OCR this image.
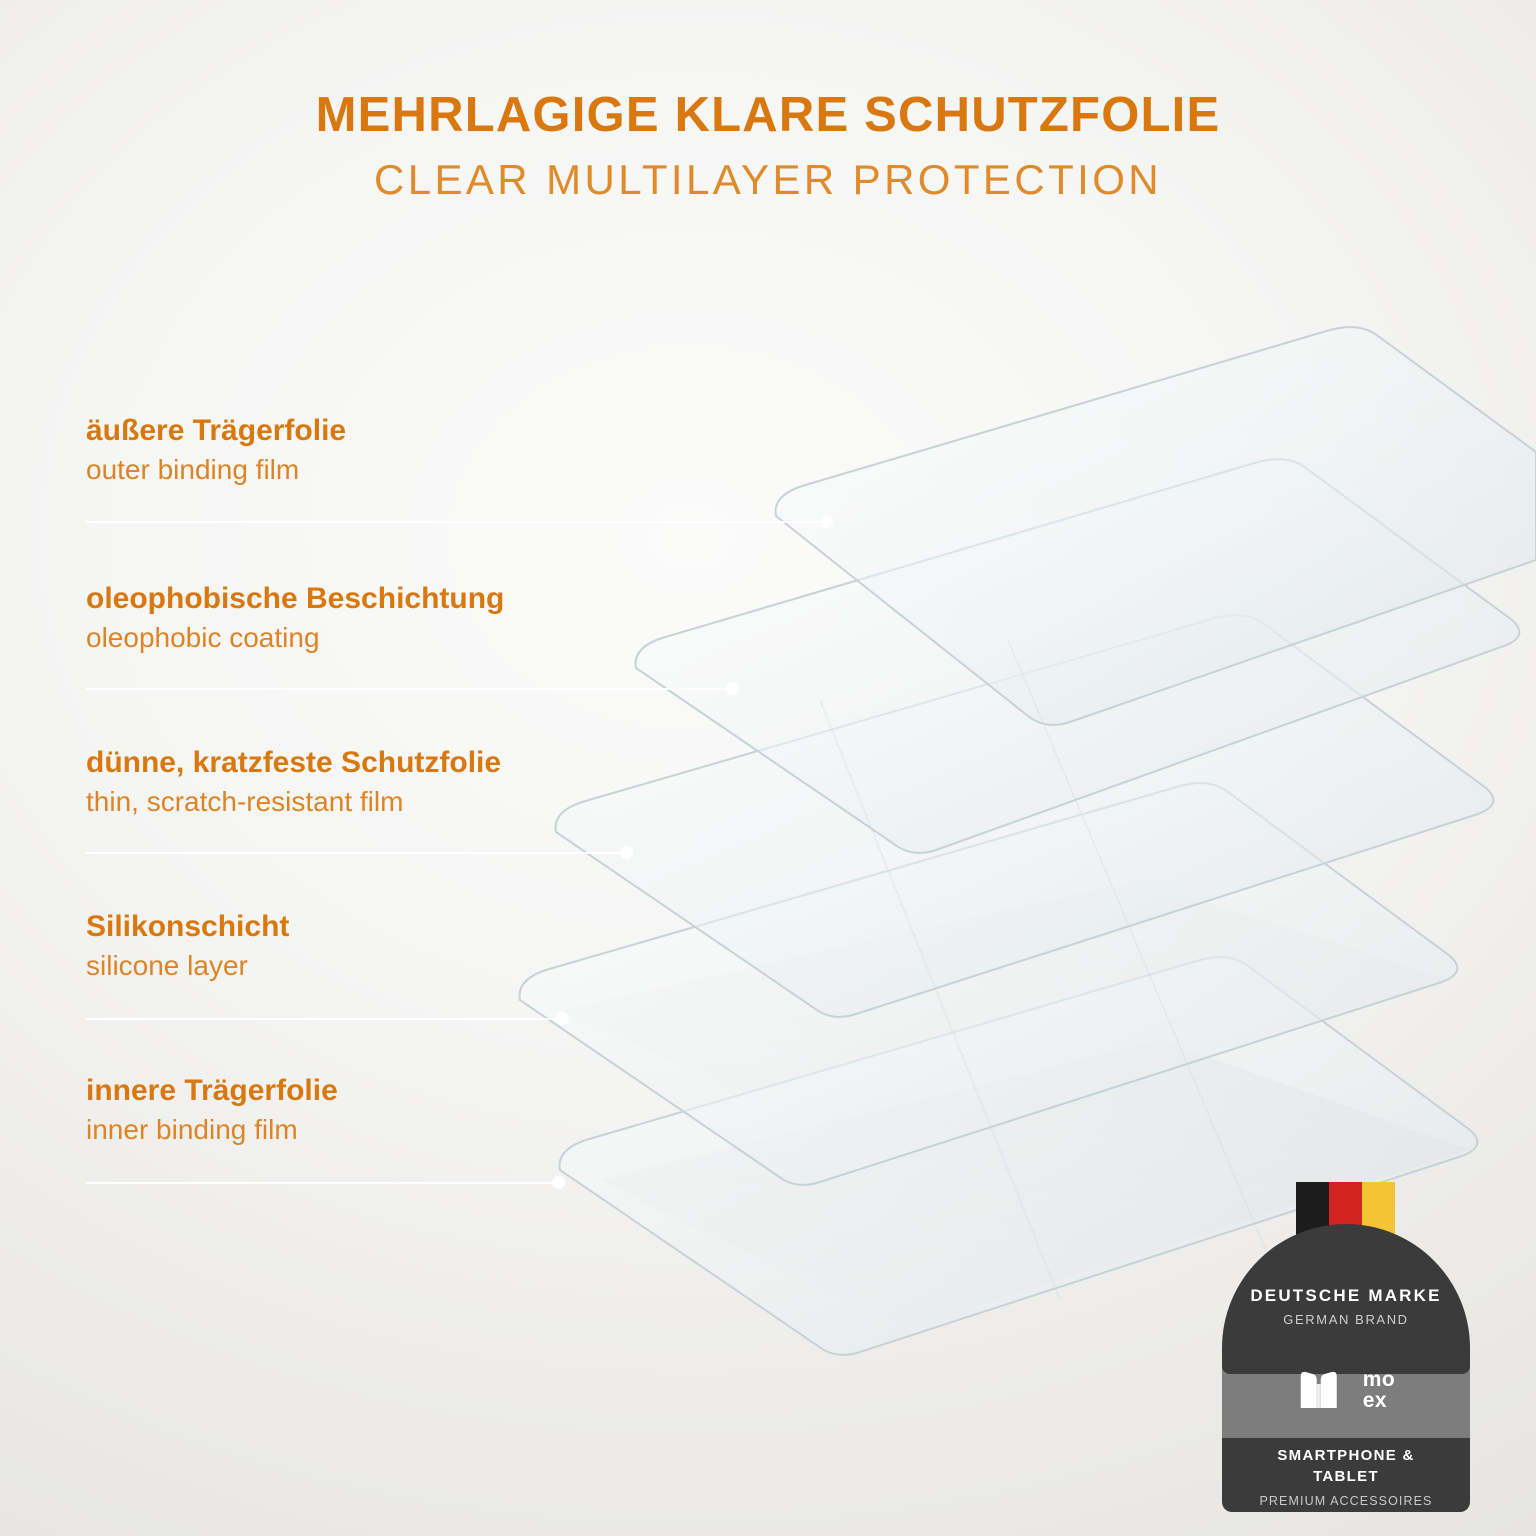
MEHRLAGIGE KLARE SCHUTZFOLIE
CLEAR MULTILAYER PROTECTION
äußere Trägerfolie
outer binding film
oleophobische Beschichtung
oleophobic coating
dünne, kratzfeste Schutzfolie
thin, scratch-resistant film
Silikonschicht
silicone layer
innere Trägerfolie
inner binding film
DEUTSCHE MARKE
GERMAN BRAND
mo
ex
SMARTPHONE &
TABLET
PREMIUM ACCESSOIRES
